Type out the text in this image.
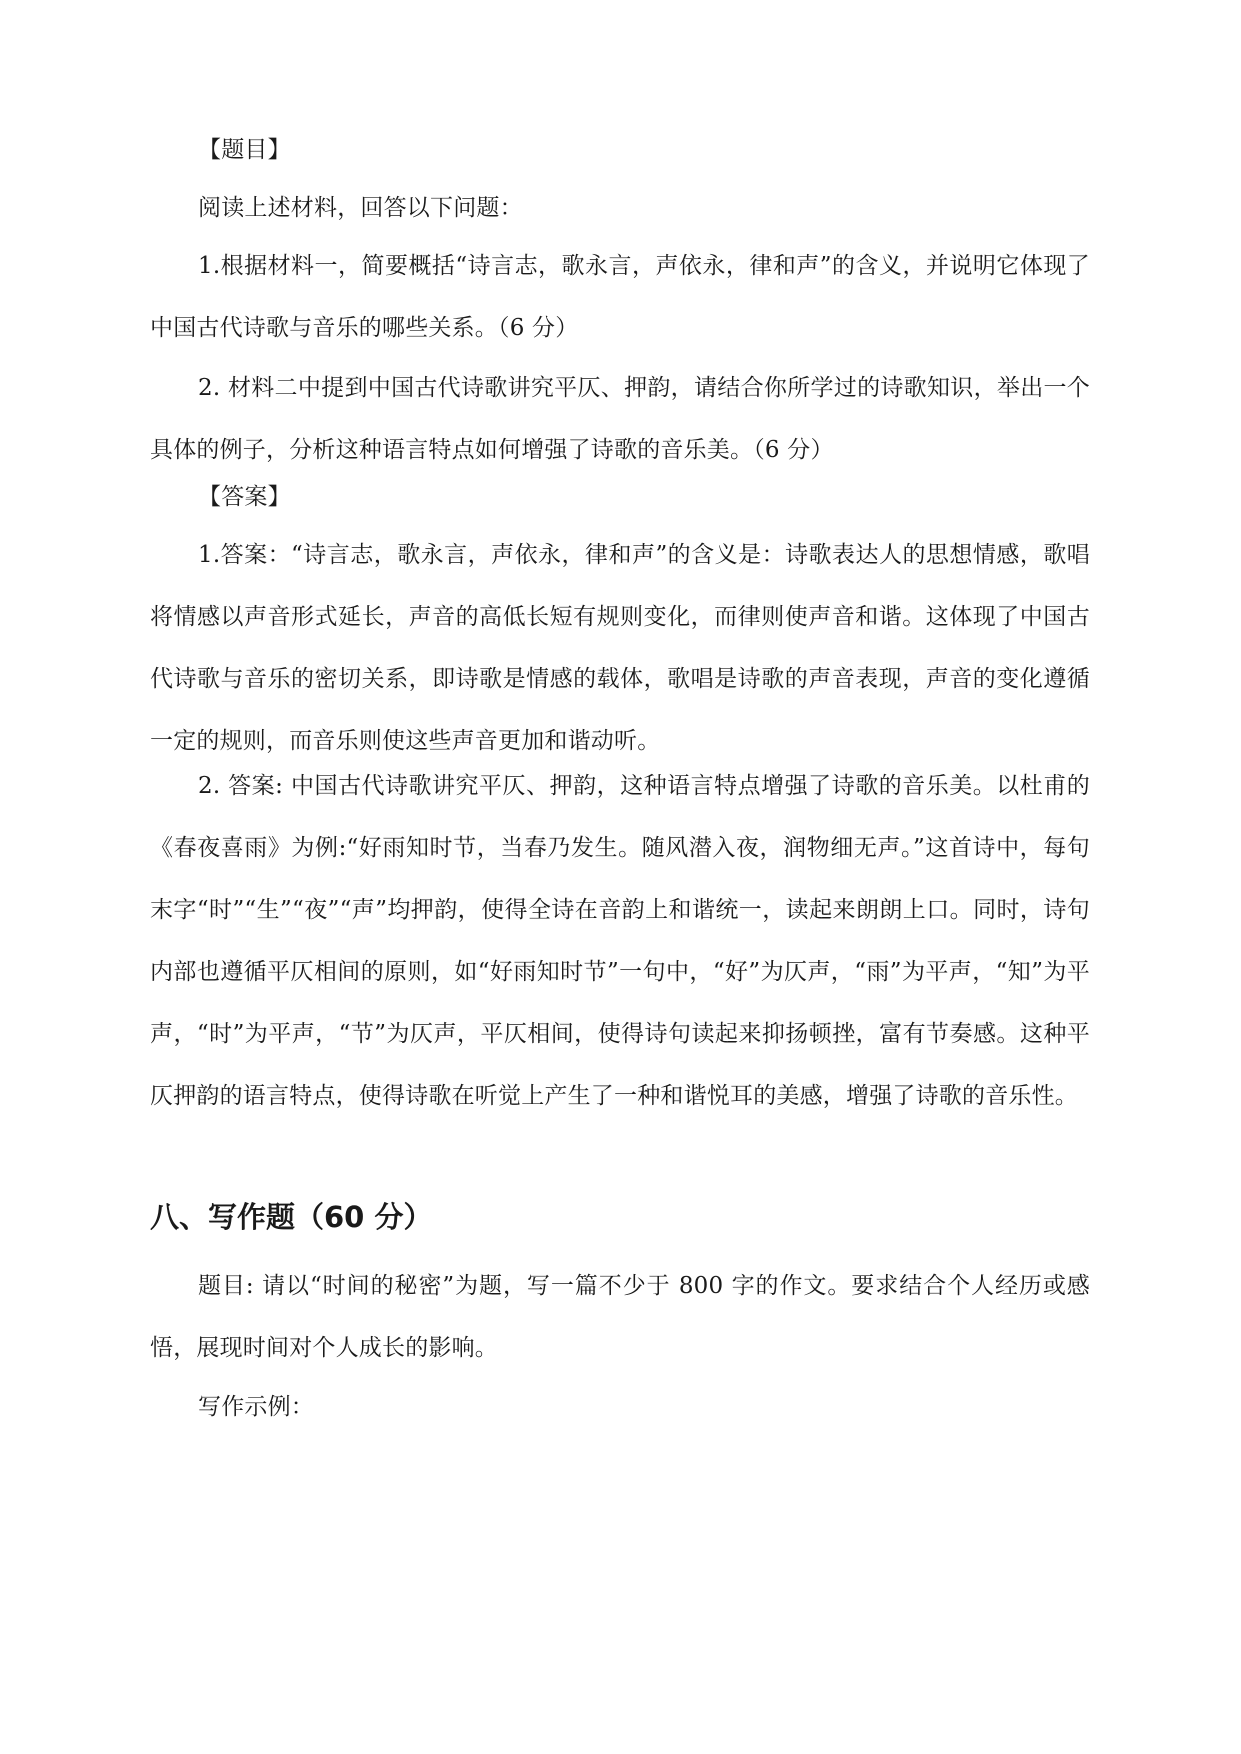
【题目】

阅读上述材料，回答以下问题：

1.根据材料一，简要概括“诗言志，歌永言，声依永，律和声”的含义，并说明它体现了中国古代诗歌与音乐的哪些关系。（6 分）

2. 材料二中提到中国古代诗歌讲究平仄、押韵，请结合你所学过的诗歌知识，举出一个具体的例子，分析这种语言特点如何增强了诗歌的音乐美。（6 分）

【答案】

1.答案：“诗言志，歌永言，声依永，律和声”的含义是：诗歌表达人的思想情感，歌唱将情感以声音形式延长，声音的高低长短有规则变化，而律则使声音和谐。这体现了中国古代诗歌与音乐的密切关系，即诗歌是情感的载体，歌唱是诗歌的声音表现，声音的变化遵循一定的规则，而音乐则使这些声音更加和谐动听。

2. 答案: 中国古代诗歌讲究平仄、押韵，这种语言特点增强了诗歌的音乐美。以杜甫的《春夜喜雨》为例:“好雨知时节，当春乃发生。随风潜入夜，润物细无声。”这首诗中，每句末字“时”“生”“夜”“声”均押韵，使得全诗在音韵上和谐统一，读起来朗朗上口。同时，诗句内部也遵循平仄相间的原则，如“好雨知时节”一句中，“好”为仄声，“雨”为平声，“知”为平声，“时”为平声，“节”为仄声，平仄相间，使得诗句读起来抑扬顿挫，富有节奏感。这种平仄押韵的语言特点，使得诗歌在听觉上产生了一种和谐悦耳的美感，增强了诗歌的音乐性。

八、写作题（60 分）

题目: 请以“时间的秘密”为题，写一篇不少于 800 字的作文。要求结合个人经历或感悟，展现时间对个人成长的影响。

写作示例：
